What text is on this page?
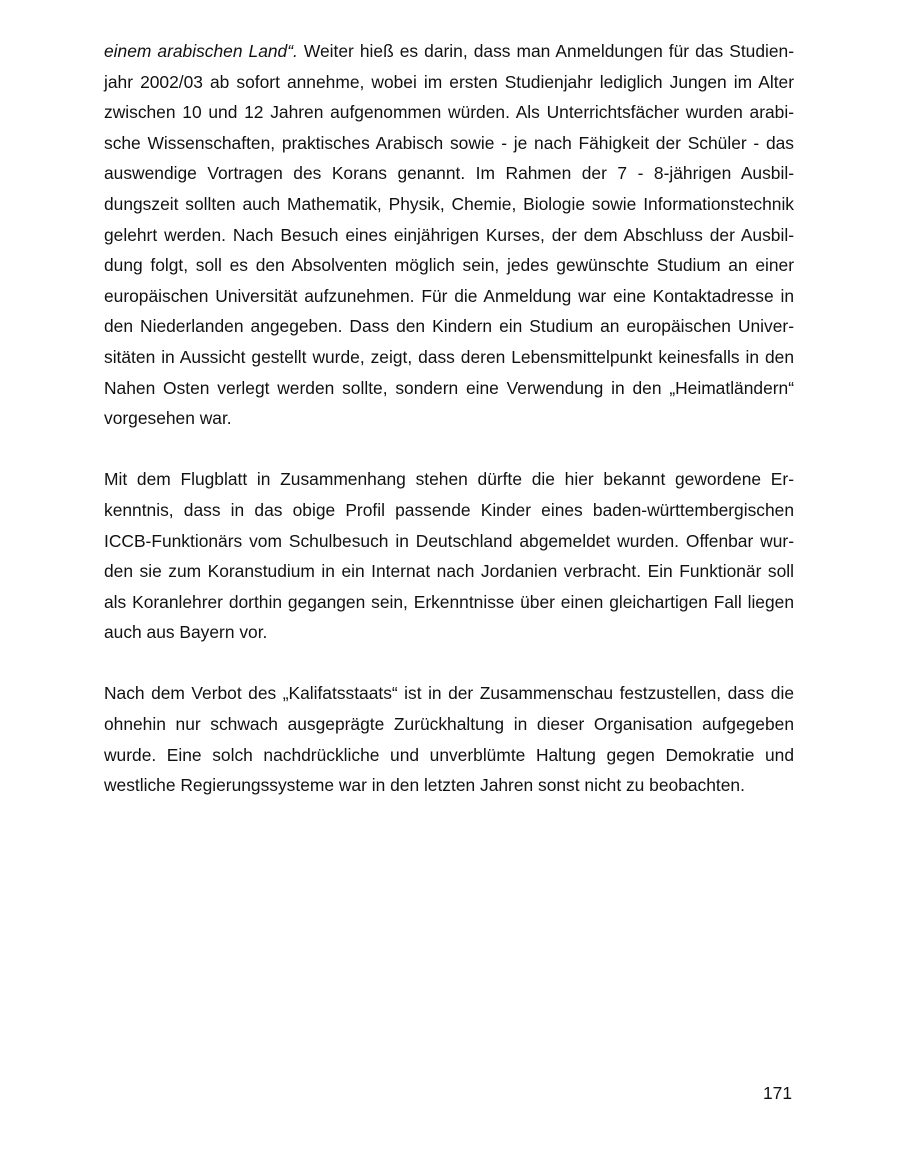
einem arabischen Land“. Weiter hieß es darin, dass man Anmeldungen für das Studienjahr 2002/03 ab sofort annehme, wobei im ersten Studienjahr lediglich Jungen im Alter zwischen 10 und 12 Jahren aufgenommen würden. Als Unterrichtsfächer wurden arabische Wissenschaften, praktisches Arabisch sowie - je nach Fähigkeit der Schüler - das auswendige Vortragen des Korans genannt. Im Rahmen der 7 - 8-jährigen Ausbildungszeit sollten auch Mathematik, Physik, Chemie, Biologie sowie Informationstechnik gelehrt werden. Nach Besuch eines einjährigen Kurses, der dem Abschluss der Ausbildung folgt, soll es den Absolventen möglich sein, jedes gewünschte Studium an einer europäischen Universität aufzunehmen. Für die Anmeldung war eine Kontaktadresse in den Niederlanden angegeben. Dass den Kindern ein Studium an europäischen Universitäten in Aussicht gestellt wurde, zeigt, dass deren Lebensmittelpunkt keinesfalls in den Nahen Osten verlegt werden sollte, sondern eine Verwendung in den „Heimatländern“ vorgesehen war.

Mit dem Flugblatt in Zusammenhang stehen dürfte die hier bekannt gewordene Erkenntnis, dass in das obige Profil passende Kinder eines baden-württembergischen ICCB-Funktionärs vom Schulbesuch in Deutschland abgemeldet wurden. Offenbar wurden sie zum Koranstudium in ein Internat nach Jordanien verbracht. Ein Funktionär soll als Koranlehrer dorthin gegangen sein, Erkenntnisse über einen gleichartigen Fall liegen auch aus Bayern vor.

Nach dem Verbot des „Kalifatsstaats“ ist in der Zusammenschau festzustellen, dass die ohnehin nur schwach ausgeprägte Zurückhaltung in dieser Organisation aufgegeben wurde. Eine solch nachdrückliche und unverblümte Haltung gegen Demokratie und westliche Regierungssysteme war in den letzten Jahren sonst nicht zu beobachten.

171
